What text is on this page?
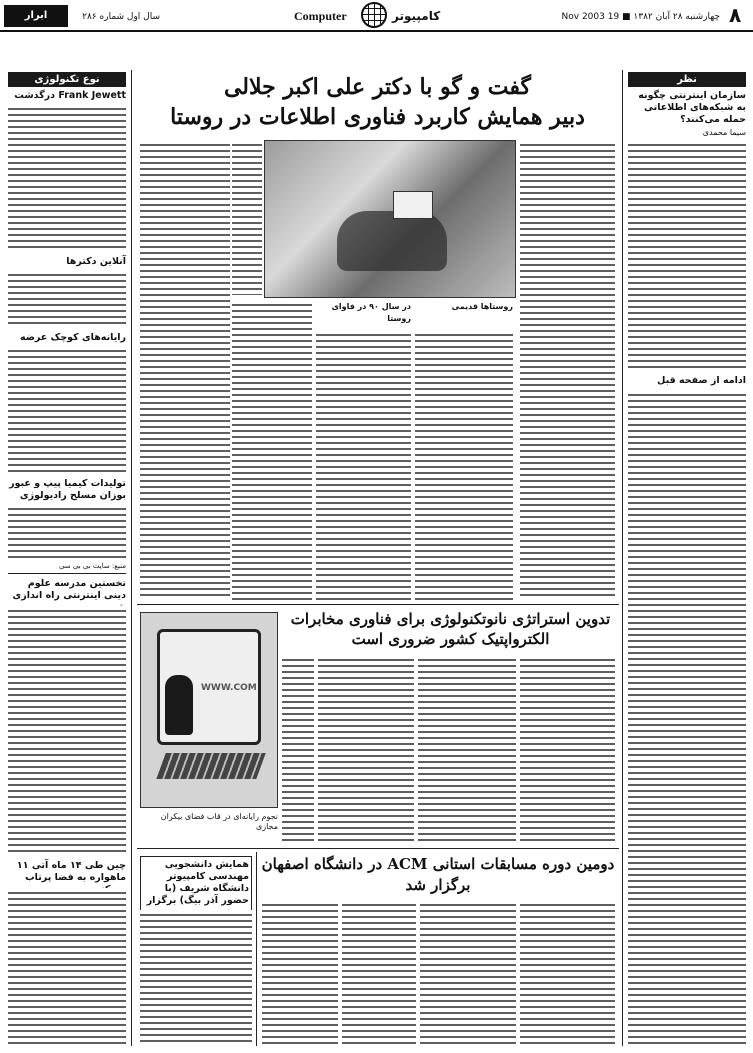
۸
چهارشنبه ۲۸ آبان ۱۳۸۲ ■ 19 Nov 2003
کامپیوتر
Computer
سال اول شماره ۲۸۶
ابرار اقتصادی
نظر
سازمان اینترنتی چگونه به شبکه‌های اطلاعاتی حمله می‌کنند؟
سیما محمدی
ادامه از صفحه قبل
نوع تکنولوژی
Frank Jewett درگذشت
آنلاین دکتر‌ها
رایانه‌های کوچک عرضه
تولیدات کیمیا پیپ و عبور بوزان مسلح رادیولوژی
منبع: سایت بی بی سی
تخستین مدرسه علوم دینی اینترنتی راه اندازی
گفت و گو با دکتر علی اکبر جلالی
دبیر همایش کاربرد فناوری اطلاعات در روستا
روستاها قدیمی
در سال ۹۰ در فاوای روستا
تدوین استراتژی نانوتکنولوژی برای فناوری مخابرات
الکترواپتیک کشور ضروری است
WWW.COM
نجوم رایانه‌ای در قاب فضای بیکران مجازی
دومین دوره مسابقات استانی ACM در دانشگاه اصفهان
برگزار شد
همایش دانشجویی مهندسی کامپیوتر دانشگاه شریف (با حضور آذر بیگ) برگزار
چین طی ۱۴ ماه آتی ۱۱ ماهواره به فضا پرتاب
